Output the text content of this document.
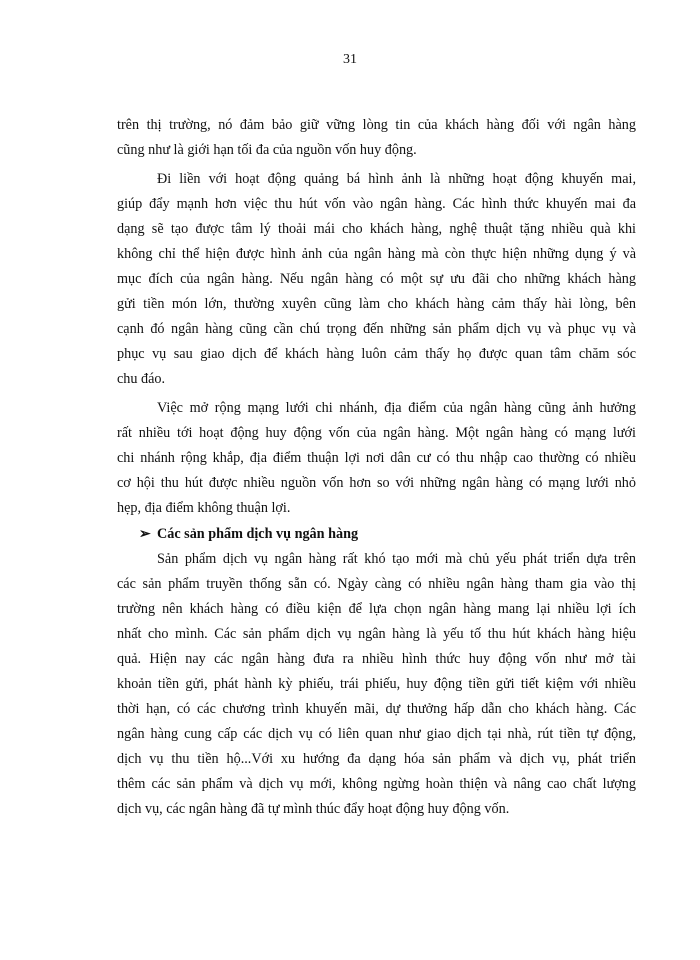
31
trên thị trường, nó đảm bảo giữ vững lòng tin của khách hàng đối với ngân hàng
cũng như là giới hạn tối đa của nguồn vốn huy động.
Đi liền với hoạt động quảng bá hình ảnh là những hoạt động khuyến mai,
giúp đẩy mạnh hơn việc thu hút vốn vào ngân hàng. Các hình thức khuyến mai đa
dạng sẽ tạo được tâm lý thoải mái cho khách hàng, nghệ thuật tặng nhiều quà khi
không chỉ thể hiện được hình ảnh của ngân hàng mà còn thực hiện những dụng ý và
mục đích của ngân hàng. Nếu ngân hàng có một sự ưu đãi cho những khách hàng
gửi tiền món lớn, thường xuyên cũng làm cho khách hàng cảm thấy hài lòng, bên
cạnh đó ngân hàng cũng cần chú trọng đến những sản phẩm dịch vụ và phục vụ và
phục vụ sau giao dịch để khách hàng luôn cảm thấy họ được quan tâm chăm sóc
chu đáo.
Việc mở rộng mạng lưới chi nhánh, địa điểm của ngân hàng cũng ảnh hưởng
rất nhiều tới hoạt động huy động vốn của ngân hàng. Một ngân hàng có mạng lưới
chi nhánh rộng khắp, địa điểm thuận lợi nơi dân cư có thu nhập cao thường có nhiều
cơ hội thu hút được nhiều nguồn vốn hơn so với những ngân hàng có mạng lưới nhỏ
hẹp, địa điểm không thuận lợi.
➢ Các sản phẩm dịch vụ ngân hàng
Sản phẩm dịch vụ ngân hàng rất khó tạo mới mà chủ yếu phát triển dựa trên
các sản phẩm truyền thống sẵn có. Ngày càng có nhiều ngân hàng tham gia vào thị
trường nên khách hàng có điều kiện để lựa chọn ngân hàng mang lại nhiều lợi ích
nhất cho mình. Các sản phẩm dịch vụ ngân hàng là yếu tố thu hút khách hàng hiệu
quả. Hiện nay các ngân hàng đưa ra nhiều hình thức huy động vốn như mở tài
khoản tiền gửi, phát hành kỳ phiếu, trái phiếu, huy động tiền gửi tiết kiệm với nhiều
thời hạn, có các chương trình khuyến mãi, dự thưởng hấp dẫn cho khách hàng. Các
ngân hàng cung cấp các dịch vụ có liên quan như giao dịch tại nhà, rút tiền tự động,
dịch vụ thu tiền hộ...Với xu hướng đa dạng hóa sản phẩm và dịch vụ, phát triển
thêm các sản phẩm và dịch vụ mới, không ngừng hoàn thiện và nâng cao chất lượng
dịch vụ, các ngân hàng đã tự mình thúc đẩy hoạt động huy động vốn.
